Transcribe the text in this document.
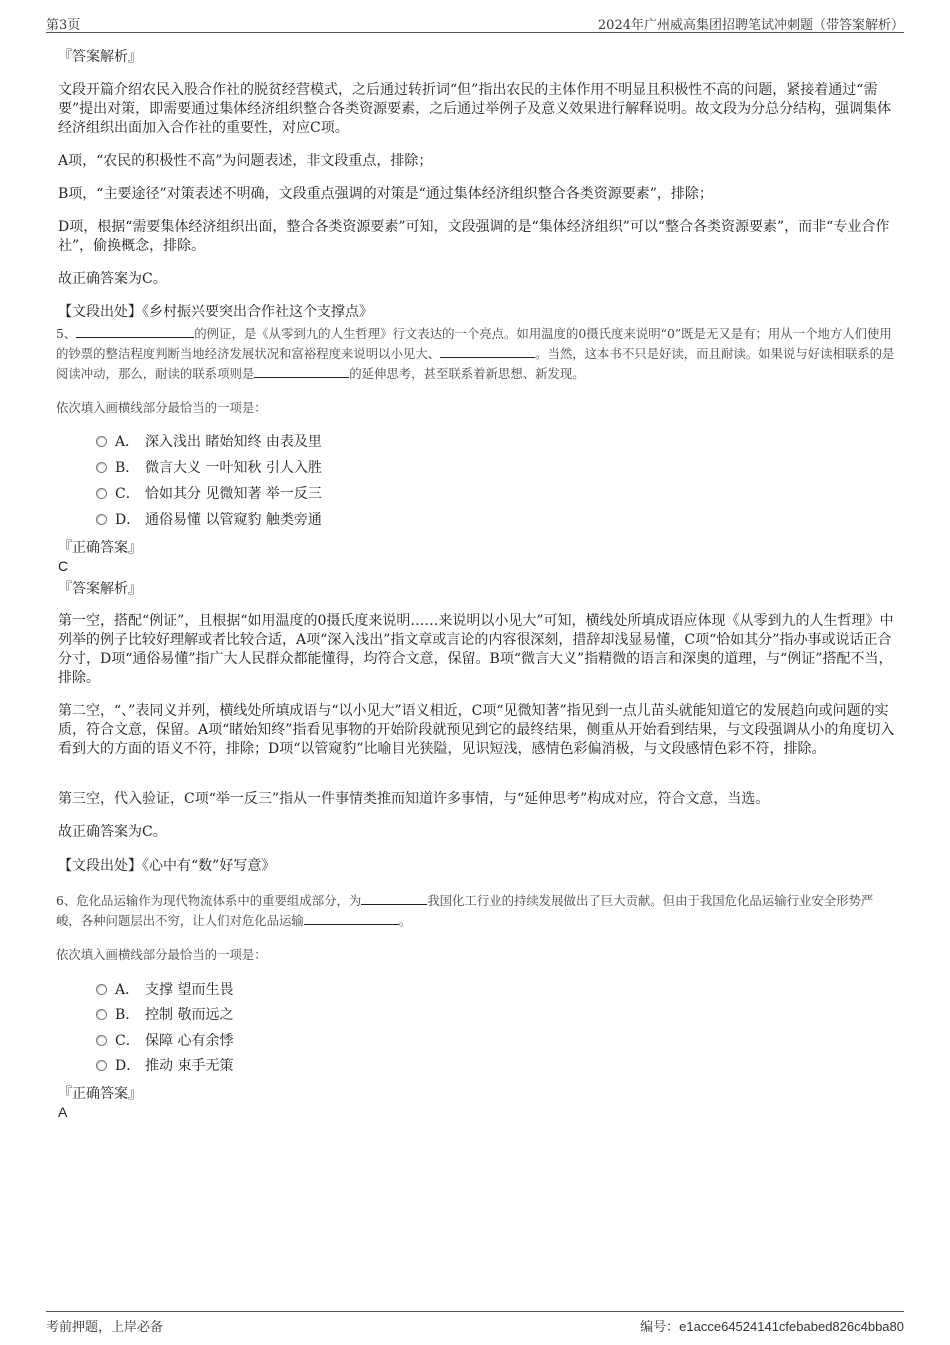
第3页	2024年广州威高集团招聘笔试冲刺题（带答案解析）
『答案解析』
文段开篇介绍农民入股合作社的脱贫经营模式，之后通过转折词“但”指出农民的主体作用不明显且积极性不高的问题，紧接着通过“需要”提出对策，即需要通过集体经济组织整合各类资源要素，之后通过举例子及意义效果进行解释说明。故文段为分总分结构，强调集体经济组织出面加入合作社的重要性，对应C项。
A项，“农民的积极性不高”为问题表述，非文段重点，排除；
B项，“主要途径”对策表述不明确，文段重点强调的对策是“通过集体经济组织整合各类资源要素”，排除；
D项，根据“需要集体经济组织出面，整合各类资源要素”可知，文段强调的是“集体经济组织”可以“整合各类资源要素”，而非“专业合作社”，偷换概念，排除。
故正确答案为C。
【文段出处】《乡村振兴要突出合作社这个支撑点》
5、	的例证，是《从零到九的人生哲理》行文表达的一个亮点。如用温度的0摄氏度来说明“0”既是无又是有；用从一个地方人们使用的钞票的整洁程度判断当地经济发展状况和富裕程度来说明以小见大、	。当然，这本书不只是好读，而且耐读。如果说与好读相联系的是阅读冲动，那么，耐读的联系项则是	的延伸思考，甚至联系着新思想、新发现。
依次填入画横线部分最恰当的一项是：
A． 深入浅出 睹始知终 由表及里
B． 微言大义 一叶知秋 引人入胜
C． 恰如其分 见微知著 举一反三
D． 通俗易懂 以管窥豹 触类旁通
『正确答案』
C
『答案解析』
第一空，搭配“例证”，且根据“如用温度的0摄氏度来说明……来说明以小见大”可知，横线处所填成语应体现《从零到九的人生哲理》中列举的例子比较好理解或者比较合适，A项“深入浅出”指文章或言论的内容很深刻，措辞却浅显易懂，C项“恰如其分”指办事或说话正合分寸，D项“通俗易懂”指广大人民群众都能懂得，均符合文意，保留。B项“微言大义”指精微的语言和深奥的道理，与“例证”搭配不当，排除。
第二空，“、”表同义并列，横线处所填成语与“以小见大”语义相近，C项“见微知著”指见到一点儿苗头就能知道它的发展趋向或问题的实质，符合文意，保留。A项“睹始知终”指看见事物的开始阶段就预见到它的最终结果，侧重从开始看到结果，与文段强调从小的角度切入看到大的方面的语义不符，排除；D项“以管窥豹”比喻目光狭隘，见识短浅，感情色彩偏消极，与文段感情色彩不符，排除。
第三空，代入验证，C项“举一反三”指从一件事情类推而知道许多事情，与“延伸思考”构成对应，符合文意，当选。
故正确答案为C。
【文段出处】《心中有“数”好写意》
6、危化品运输作为现代物流体系中的重要组成部分，为	我国化工行业的持续发展做出了巨大贡献。但由于我国危化品运输行业安全形势严峻，各种问题层出不穷，让人们对危化品运输	。
依次填入画横线部分最恰当的一项是：
A． 支撑 望而生畏
B． 控制 敬而远之
C． 保障 心有余悸
D． 推动 束手无策
『正确答案』
A
考前押题，上岸必备	编号：e1acce64524141cfebabed826c4bba80
